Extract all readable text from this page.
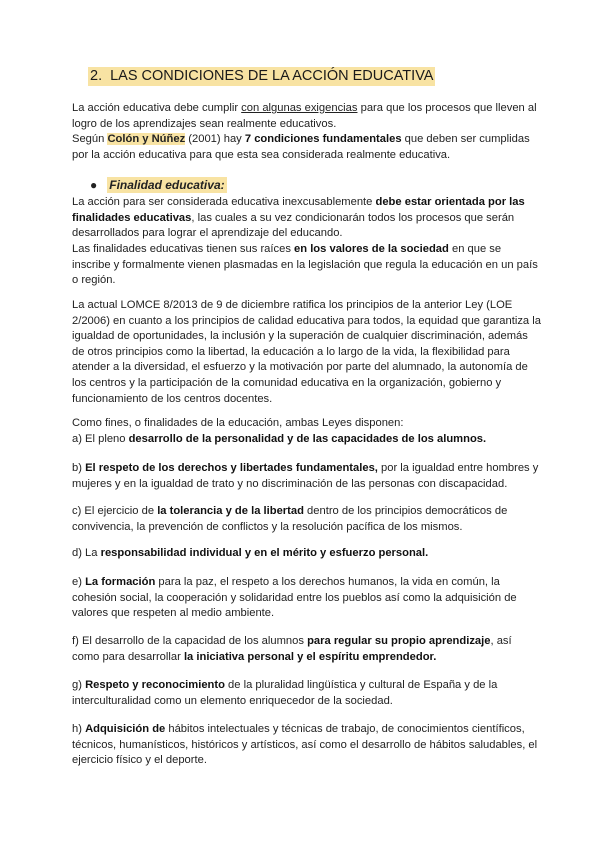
2. LAS CONDICIONES DE LA ACCIÓN EDUCATIVA

La acción educativa debe cumplir con algunas exigencias para que los procesos que lleven al logro de los aprendizajes sean realmente educativos.

Según Colón y Núñez (2001) hay 7 condiciones fundamentales que deben ser cumplidas por la acción educativa para que esta sea considerada realmente educativa.

● Finalidad educativa:

La acción para ser considerada educativa inexcusablemente debe estar orientada por las finalidades educativas, las cuales a su vez condicionarán todos los procesos que serán desarrollados para lograr el aprendizaje del educando.

Las finalidades educativas tienen sus raíces en los valores de la sociedad en que se inscribe y formalmente vienen plasmadas en la legislación que regula la educación en un país o región.

La actual LOMCE 8/2013 de 9 de diciembre ratifica los principios de la anterior Ley (LOE 2/2006) en cuanto a los principios de calidad educativa para todos, la equidad que garantiza la igualdad de oportunidades, la inclusión y la superación de cualquier discriminación, además de otros principios como la libertad, la educación a lo largo de la vida, la flexibilidad para atender a la diversidad, el esfuerzo y la motivación por parte del alumnado, la autonomía de los centros y la participación de la comunidad educativa en la organización, gobierno y funcionamiento de los centros docentes.

Como fines, o finalidades de la educación, ambas Leyes disponen:

a) El pleno desarrollo de la personalidad y de las capacidades de los alumnos.

b) El respeto de los derechos y libertades fundamentales, por la igualdad entre hombres y mujeres y en la igualdad de trato y no discriminación de las personas con discapacidad.

c) El ejercicio de la tolerancia y de la libertad dentro de los principios democráticos de convivencia, la prevención de conflictos y la resolución pacífica de los mismos.

d) La responsabilidad individual y en el mérito y esfuerzo personal.

e) La formación para la paz, el respeto a los derechos humanos, la vida en común, la cohesión social, la cooperación y solidaridad entre los pueblos así como la adquisición de valores que respeten al medio ambiente.

f) El desarrollo de la capacidad de los alumnos para regular su propio aprendizaje, así como para desarrollar la iniciativa personal y el espíritu emprendedor.

g) Respeto y reconocimiento de la pluralidad lingüística y cultural de España y de la interculturalidad como un elemento enriquecedor de la sociedad.

h) Adquisición de hábitos intelectuales y técnicas de trabajo, de conocimientos científicos, técnicos, humanísticos, históricos y artísticos, así como el desarrollo de hábitos saludables, el ejercicio físico y el deporte.
